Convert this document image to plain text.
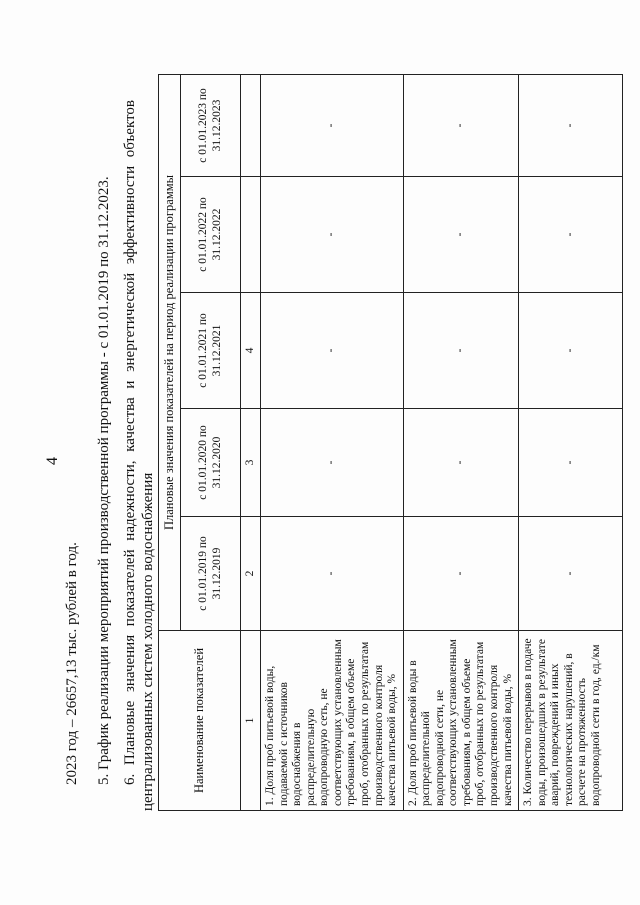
4
2023 год – 26657,13 тыс. рублей в год. 5. График реализации мероприятий производственной программы - с 01.01.2019 по 31.12.2023. 6. Плановые значения показателей надежности, качества и энергетической эффективности объектов централизованных систем холодного водоснабжения	Наименование показателей	Плановые значения показателей на период реализации программы				
	с 01.01.2019 по 31.12.2019	с 01.01.2020 по 31.12.2020	с 01.01.2021 по 31.12.2021	с 01.01.2022 по 31.12.2022	с 01.01.2023 по 31.12.2023
1	2	3	4		
1. Доля проб питьевой воды, подаваемой с источников водоснабжения в распределительную водопроводную сеть, не соответствующих установленным требованиям, в общем объеме проб, отобранных по результатам производственного контроля качества питьевой воды, %	-	-	-	-	-
2. Доля проб питьевой воды в распределительной водопроводной сети, не соответствующих установленным требованиям, в общем объеме проб, отобранных по результатам производственного контроля качества питьевой воды, %	-	-	-	-	-
3. Количество перерывов в подаче воды, произошедших в результате аварий, повреждений и иных технологических нарушений, в расчете на протяженность водопроводной сети в год, ед./км	-	-	-	-	-
